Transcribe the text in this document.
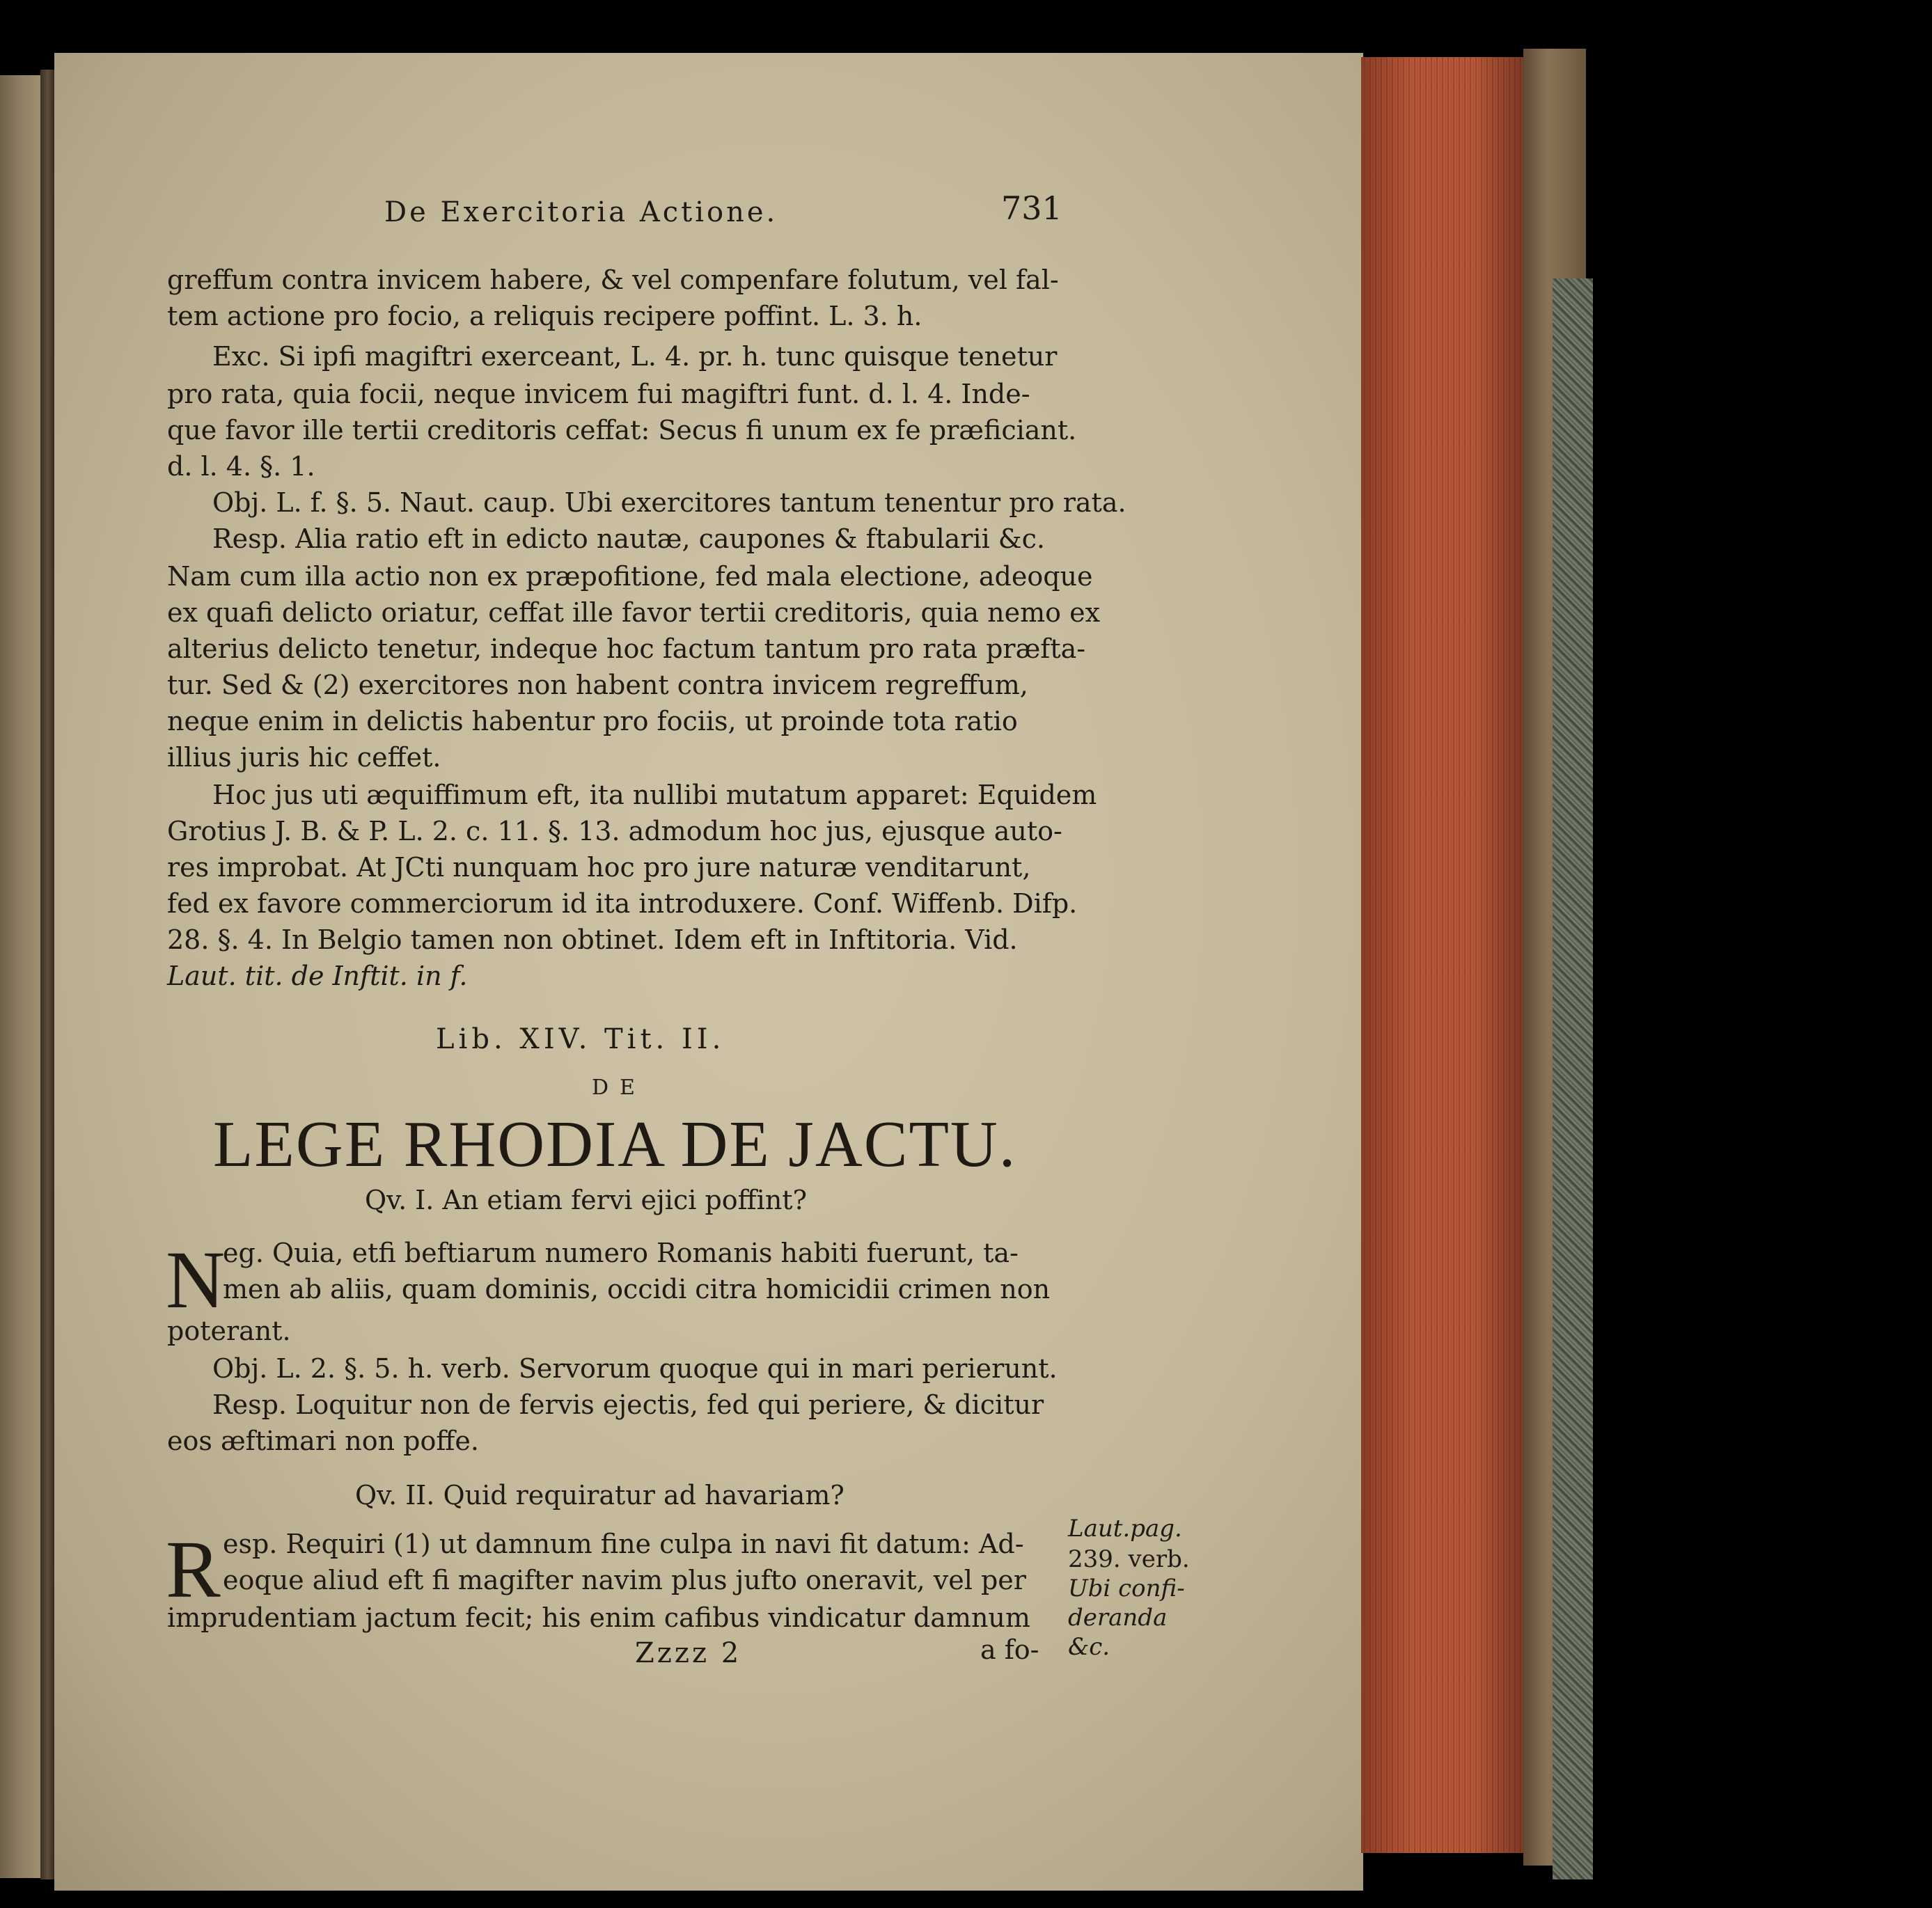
De Exercitoria Actione.	731
greffum contra invicem habere, & vel compenfare folutum, vel fal-
tem actione pro focio, a reliquis recipere poffint. L. 3. h.
Exc. Si ipfi magiftri exerceant, L. 4. pr. h. tunc quisque tenetur
pro rata, quia focii, neque invicem fui magiftri funt. d. l. 4. Inde-
que favor ille tertii creditoris ceffat: Secus fi unum ex fe præficiant.
d. l. 4. §. 1.
Obj. L. f. §. 5. Naut. caup. Ubi exercitores tantum tenentur pro rata.
Resp. Alia ratio eft in edicto nautæ, caupones & ftabularii &c.
Nam cum illa actio non ex præpofitione, fed mala electione, adeoque
ex quafi delicto oriatur, ceffat ille favor tertii creditoris, quia nemo ex
alterius delicto tenetur, indeque hoc factum tantum pro rata præfta-
tur. Sed & (2) exercitores non habent contra invicem regreffum,
neque enim in delictis habentur pro fociis, ut proinde tota ratio
illius juris hic ceffet.
Hoc jus uti æquiffimum eft, ita nullibi mutatum apparet: Equidem
Grotius J. B. & P. L. 2. c. 11. §. 13. admodum hoc jus, ejusque auto-
res improbat. At JCti nunquam hoc pro jure naturæ venditarunt,
fed ex favore commerciorum id ita introduxere. Conf. Wiffenb. Difp.
28. §. 4. In Belgio tamen non obtinet. Idem eft in Inftitoria. Vid.
Laut. tit. de Inftit. in f.
Lib. XIV. Tit. II.
DE
LEGE RHODIA DE JACTU.
Qv. I. An etiam fervi ejici poffint?
N
eg. Quia, etfi beftiarum numero Romanis habiti fuerunt, ta-
men ab aliis, quam dominis, occidi citra homicidii crimen non
poterant.
Obj. L. 2. §. 5. h. verb. Servorum quoque qui in mari perierunt.
Resp. Loquitur non de fervis ejectis, fed qui periere, & dicitur
eos æftimari non poffe.
Qv. II. Quid requiratur ad havariam?
R esp. Requiri (1) ut damnum fine culpa in navi fit datum: Ad-
eoque aliud eft fi magifter navim plus jufto oneravit, vel per
imprudentiam jactum fecit; his enim cafibus vindicatur damnum
Laut.pag.
239. verb.
Ubi confi-
deranda
&c.
Zzzz 2	a fo-
